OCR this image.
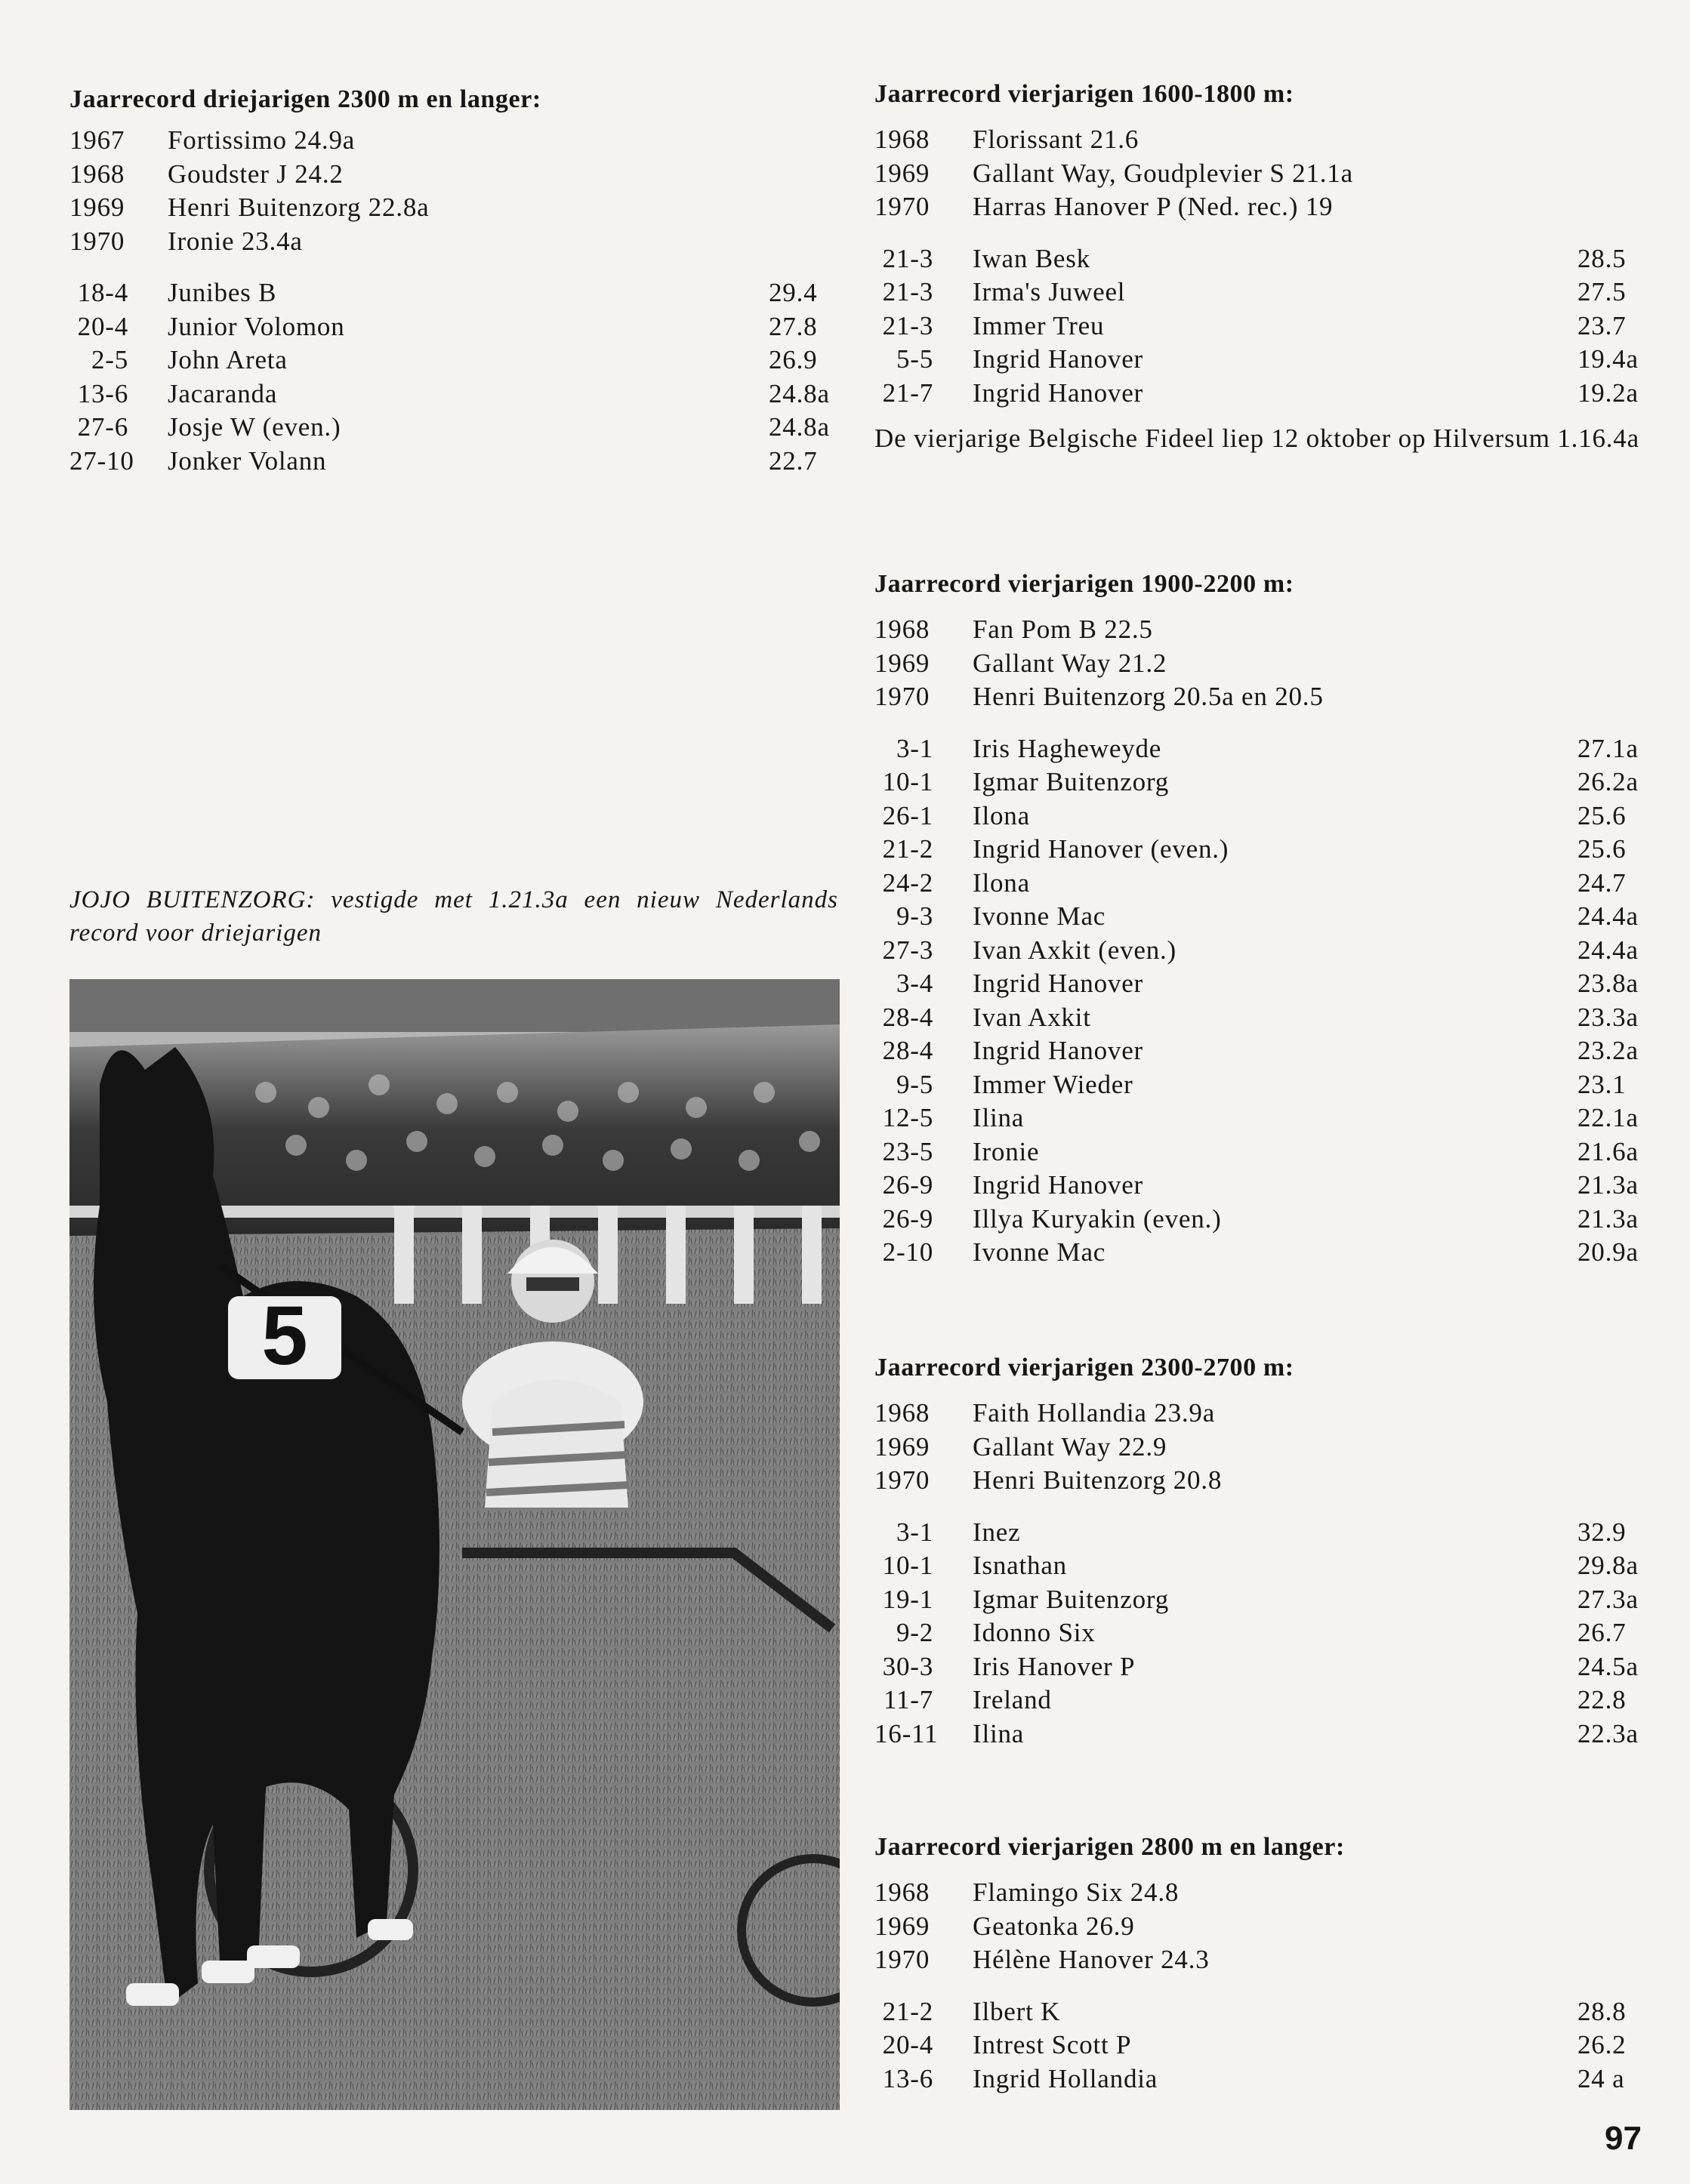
Jaarrecord driejarigen 2300 m en langer:
1967 Fortissimo 24.9a
1968 Goudster J 24.2
1969 Henri Buitenzorg 22.8a
1970 Ironie 23.4a
18-4 Junibes B	29.4
20-4 Junior Volomon	27.8
2-5 John Areta	26.9
13-6 Jacaranda	24.8a
27-6 Josje W (even.)	24.8a
27-10 Jonker Volann	22.7
JOJO BUITENZORG: vestigde met 1.21.3a een nieuw Nederlands record voor driejarigen
5
Jaarrecord vierjarigen 1600-1800 m:
1968 Florissant 21.6
1969 Gallant Way, Goudplevier S 21.1a
1970 Harras Hanover P (Ned. rec.) 19
21-3 Iwan Besk	28.5
21-3 Irma's Juweel	27.5
21-3 Immer Treu	23.7
5-5 Ingrid Hanover	19.4a
21-7 Ingrid Hanover	19.2a
De vierjarige Belgische Fideel liep 12 oktober op Hilversum 1.16.4a
Jaarrecord vierjarigen 1900-2200 m:
1968 Fan Pom B 22.5
1969 Gallant Way 21.2
1970 Henri Buitenzorg 20.5a en 20.5
3-1 Iris Hagheweyde	27.1a
10-1 Igmar Buitenzorg	26.2a
26-1 Ilona	25.6
21-2 Ingrid Hanover (even.)	25.6
24-2 Ilona	24.7
9-3 Ivonne Mac	24.4a
27-3 Ivan Axkit (even.)	24.4a
3-4 Ingrid Hanover	23.8a
28-4 Ivan Axkit	23.3a
28-4 Ingrid Hanover	23.2a
9-5 Immer Wieder	23.1
12-5 Ilina	22.1a
23-5 Ironie	21.6a
26-9 Ingrid Hanover	21.3a
26-9 Illya Kuryakin (even.)	21.3a
2-10 Ivonne Mac	20.9a
Jaarrecord vierjarigen 2300-2700 m:
1968 Faith Hollandia 23.9a
1969 Gallant Way 22.9
1970 Henri Buitenzorg 20.8
3-1 Inez	32.9
10-1 Isnathan	29.8a
19-1 Igmar Buitenzorg	27.3a
9-2 Idonno Six	26.7
30-3 Iris Hanover P	24.5a
11-7 Ireland	22.8
16-11 Ilina	22.3a
Jaarrecord vierjarigen 2800 m en langer:
1968 Flamingo Six 24.8
1969 Geatonka 26.9
1970 Hélène Hanover 24.3
21-2 Ilbert K	28.8
20-4 Intrest Scott P	26.2
13-6 Ingrid Hollandia	24 a
97
